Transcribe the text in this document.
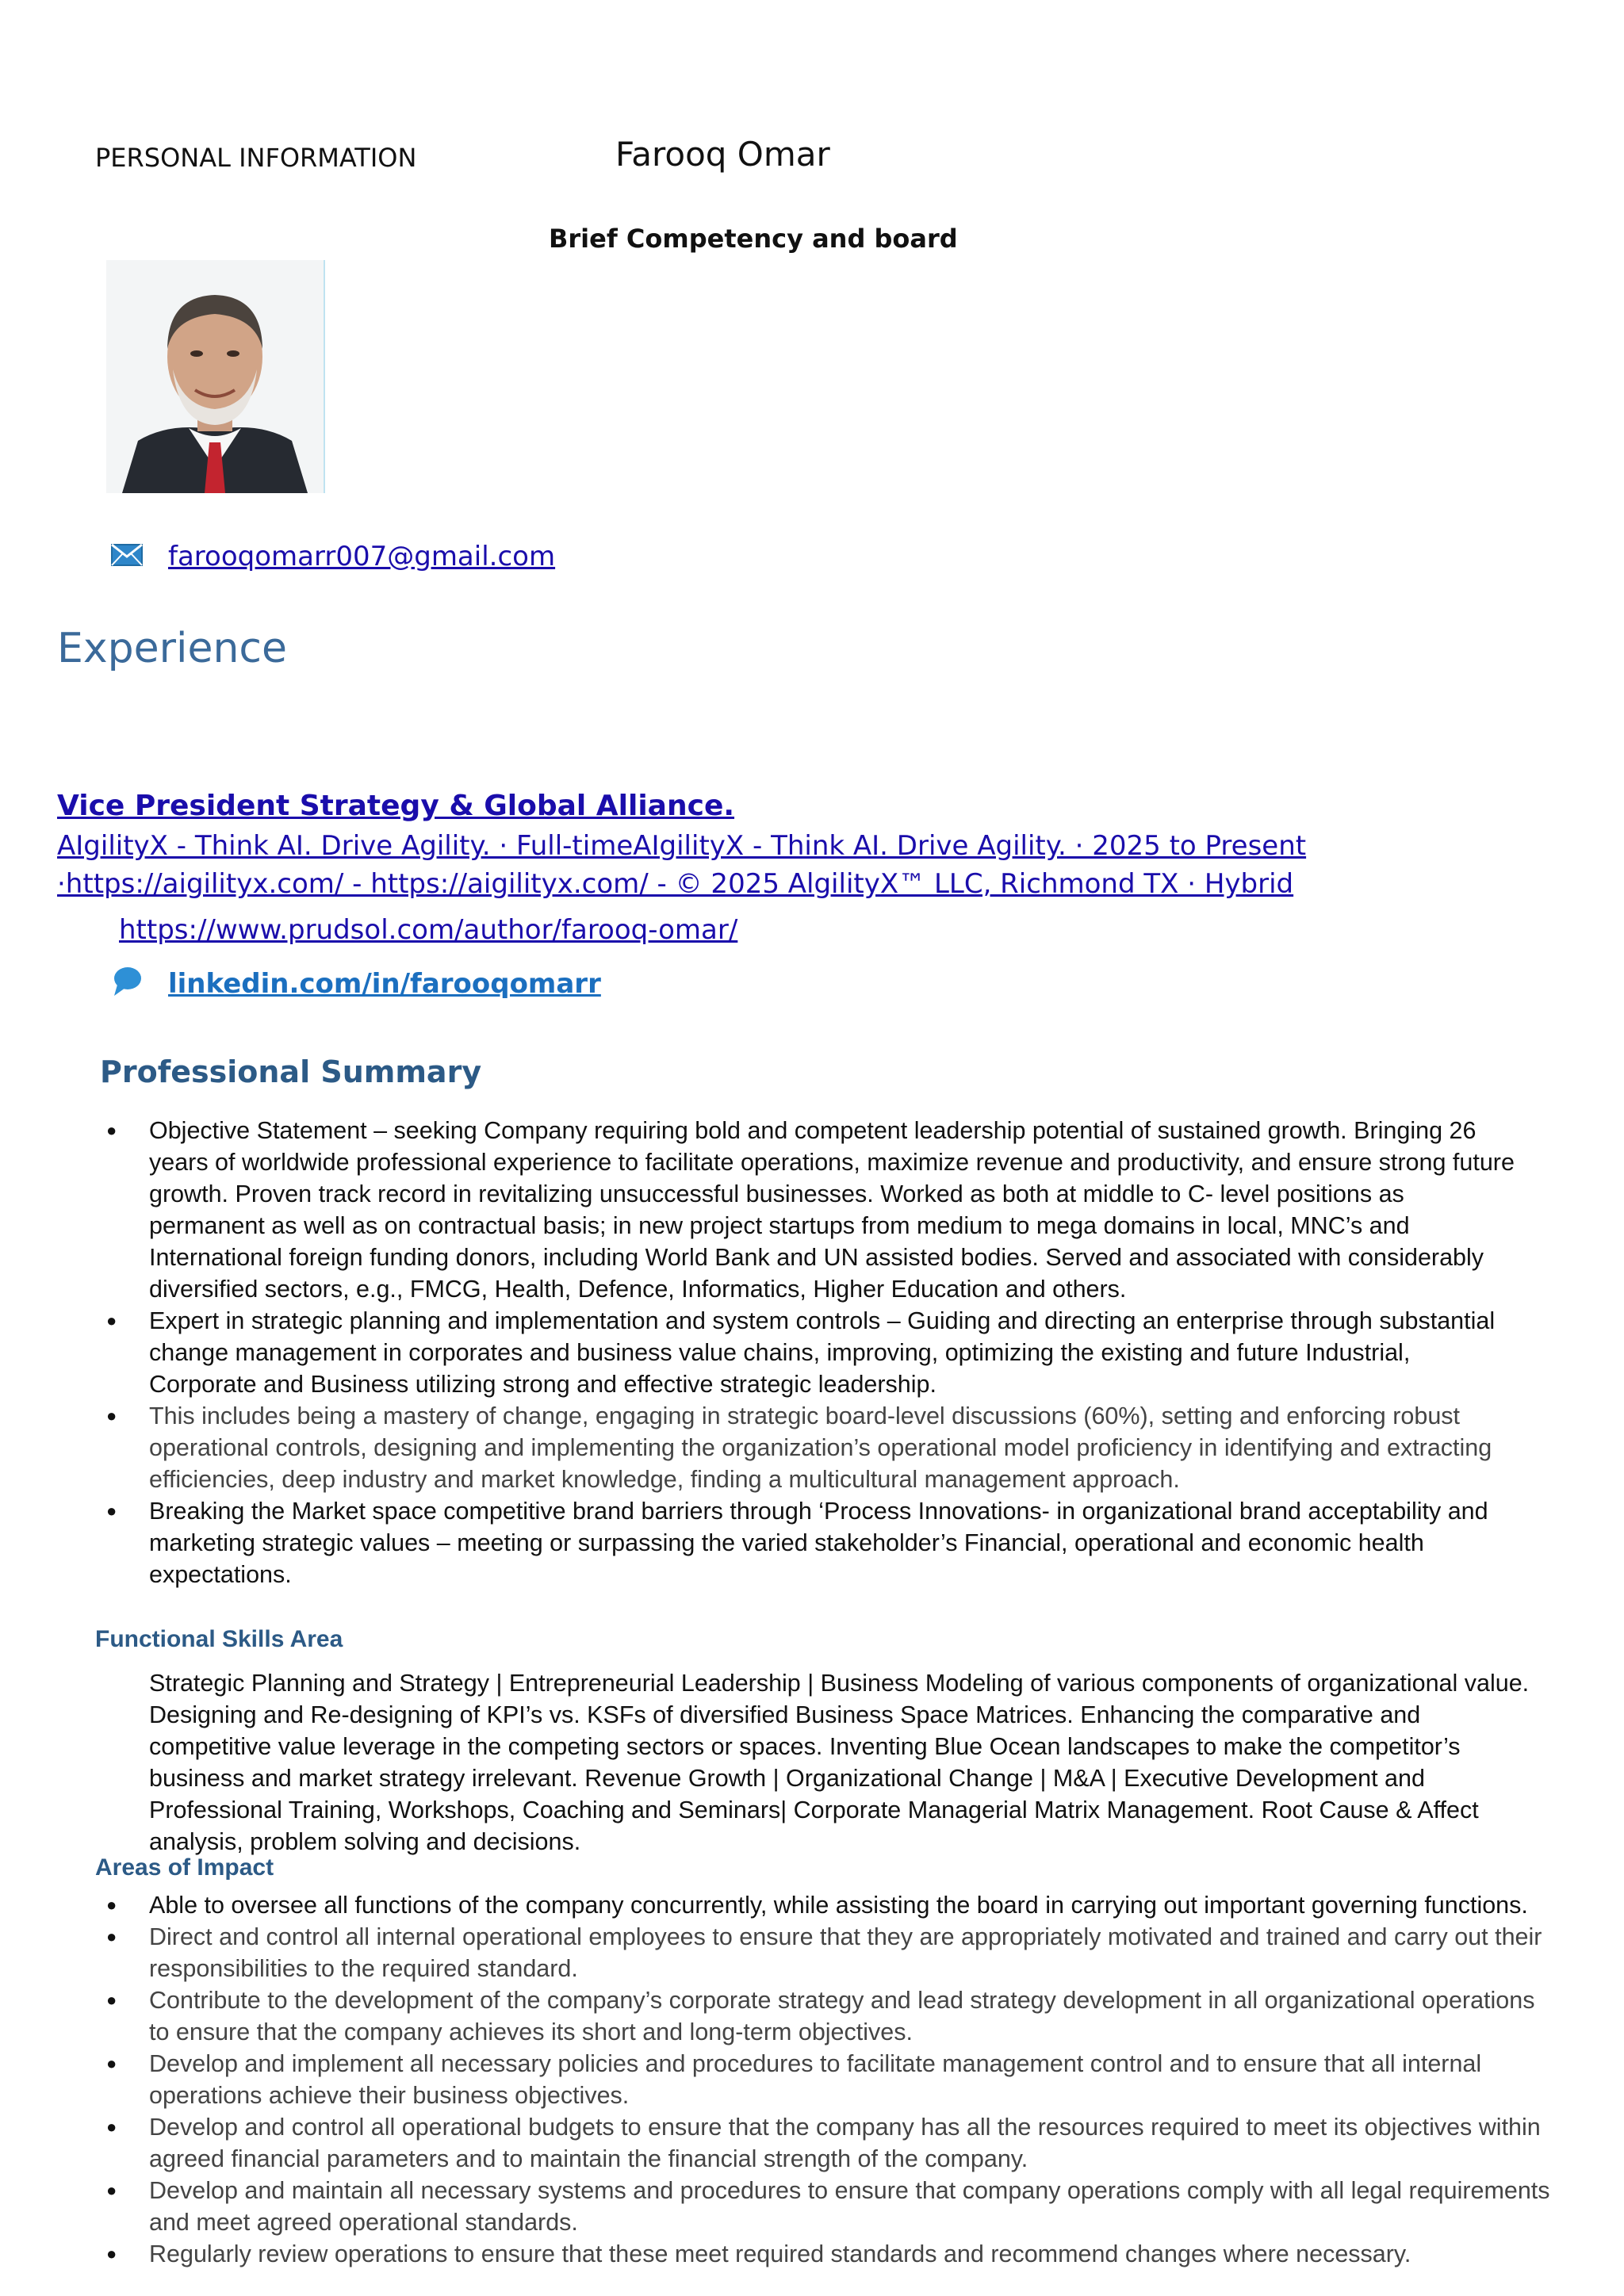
PERSONAL INFORMATION	Farooq Omar
Brief Competency and board
farooqomarr007@gmail.com
Experience
Vice President Strategy & Global Alliance.
AIgilityX - Think AI. Drive Agility. · Full-timeAIgilityX - Think AI. Drive Agility. · 2025 to Present ·https://aigilityx.com/ - https://aigilityx.com/ - © 2025 AlgilityX™ LLC, Richmond TX · Hybrid
https://www.prudsol.com/author/farooq-omar/
linkedin.com/in/farooqomarr
Professional Summary
● Objective Statement – seeking Company requiring bold and competent leadership potential of sustained growth. Bringing 26 years of worldwide professional experience to facilitate operations, maximize revenue and productivity, and ensure strong future growth. Proven track record in revitalizing unsuccessful businesses. Worked as both at middle to C- level positions as permanent as well as on contractual basis; in new project startups from medium to mega domains in local, MNC’s and International foreign funding donors, including World Bank and UN assisted bodies. Served and associated with considerably diversified sectors, e.g., FMCG, Health, Defence, Informatics, Higher Education and others.
● Expert in strategic planning and implementation and system controls – Guiding and directing an enterprise through substantial change management in corporates and business value chains, improving, optimizing the existing and future Industrial, Corporate and Business utilizing strong and effective strategic leadership.
● This includes being a mastery of change, engaging in strategic board-level discussions (60%), setting and enforcing robust operational controls, designing and implementing the organization’s operational model proficiency in identifying and extracting efficiencies, deep industry and market knowledge, finding a multicultural management approach.
● Breaking the Market space competitive brand barriers through ‘Process Innovations- in organizational brand acceptability and marketing strategic values – meeting or surpassing the varied stakeholder’s Financial, operational and economic health expectations.
Functional Skills Area
Strategic Planning and Strategy | Entrepreneurial Leadership | Business Modeling of various components of organizational value. Designing and Re-designing of KPI’s vs. KSFs of diversified Business Space Matrices. Enhancing the comparative and competitive value leverage in the competing sectors or spaces. Inventing Blue Ocean landscapes to make the competitor’s business and market strategy irrelevant. Revenue Growth | Organizational Change | M&A | Executive Development and Professional Training, Workshops, Coaching and Seminars| Corporate Managerial Matrix Management. Root Cause & Affect analysis, problem solving and decisions.
Areas of Impact
● Able to oversee all functions of the company concurrently, while assisting the board in carrying out important governing functions.
● Direct and control all internal operational employees to ensure that they are appropriately motivated and trained and carry out their responsibilities to the required standard.
● Contribute to the development of the company’s corporate strategy and lead strategy development in all organizational operations to ensure that the company achieves its short and long-term objectives.
● Develop and implement all necessary policies and procedures to facilitate management control and to ensure that all internal operations achieve their business objectives.
● Develop and control all operational budgets to ensure that the company has all the resources required to meet its objectives within agreed financial parameters and to maintain the financial strength of the company.
● Develop and maintain all necessary systems and procedures to ensure that company operations comply with all legal requirements and meet agreed operational standards.
● Regularly review operations to ensure that these meet required standards and recommend changes where necessary.
